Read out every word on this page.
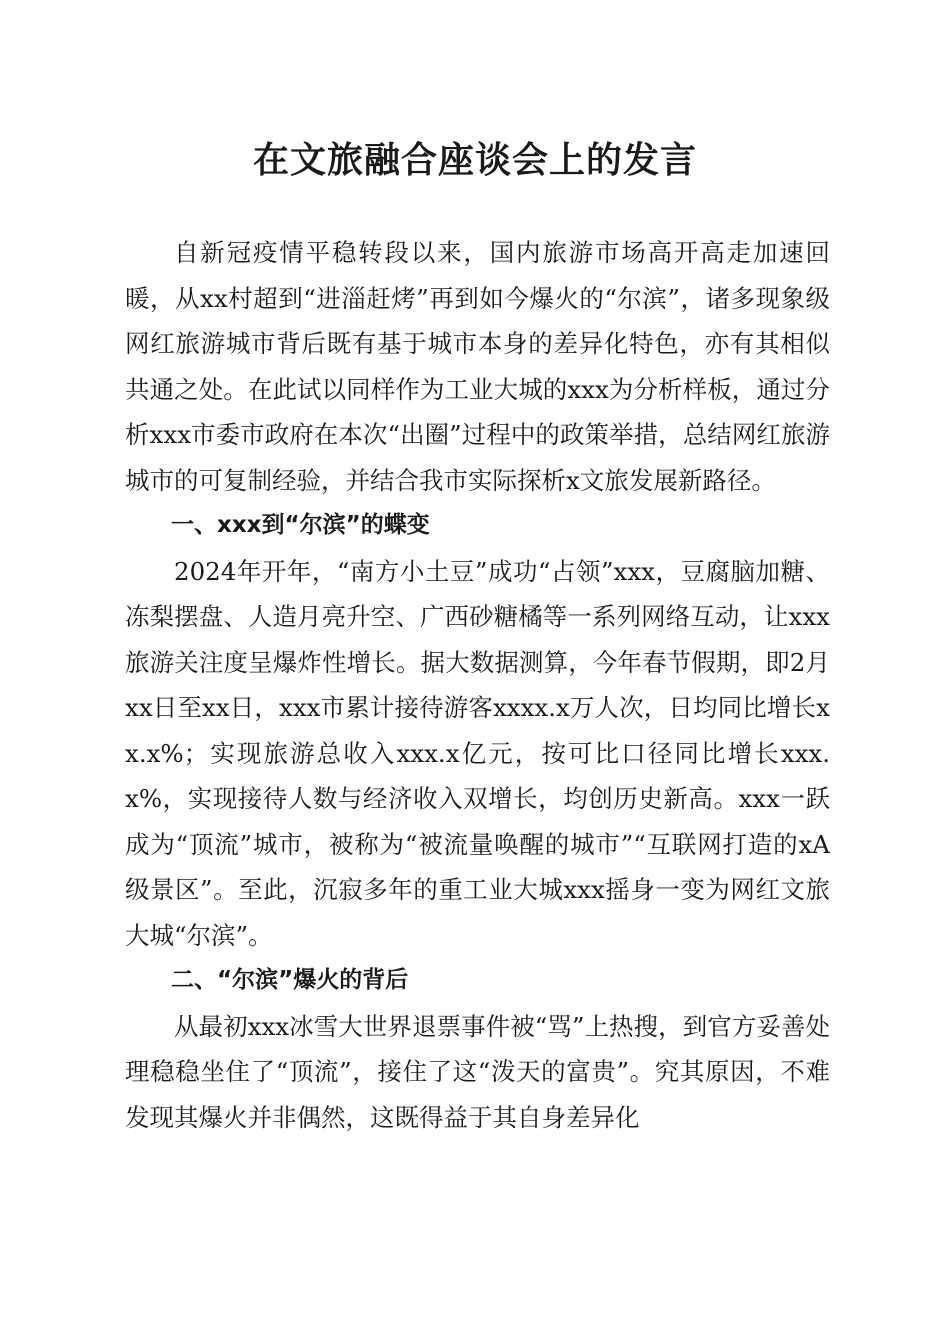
在文旅融合座谈会上的发言

自新冠疫情平稳转段以来，国内旅游市场高开高走加速回暖，从xx村超到“进淄赶烤”再到如今爆火的“尔滨”，诸多现象级网红旅游城市背后既有基于城市本身的差异化特色，亦有其相似共通之处。在此试以同样作为工业大城的xxx为分析样板，通过分析xxx市委市政府在本次“出圈”过程中的政策举措，总结网红旅游城市的可复制经验，并结合我市实际探析x文旅发展新路径。

一、xxx到“尔滨”的蝶变

2024年开年，“南方小土豆”成功“占领”xxx，豆腐脑加糖、冻梨摆盘、人造月亮升空、广西砂糖橘等一系列网络互动，让xxx旅游关注度呈爆炸性增长。据大数据测算，今年春节假期，即2月xx日至xx日，xxx市累计接待游客xxxx.x万人次，日均同比增长xx.x%；实现旅游总收入xxx.x亿元，按可比口径同比增长xxx.x%，实现接待人数与经济收入双增长，均创历史新高。xxx一跃成为“顶流”城市，被称为“被流量唤醒的城市”“互联网打造的xA级景区”。至此，沉寂多年的重工业大城xxx摇身一变为网红文旅大城“尔滨”。

二、“尔滨”爆火的背后

从最初xxx冰雪大世界退票事件被“骂”上热搜，到官方妥善处理稳稳坐住了“顶流”，接住了这“泼天的富贵”。究其原因，不难发现其爆火并非偶然，这既得益于其自身差异化
